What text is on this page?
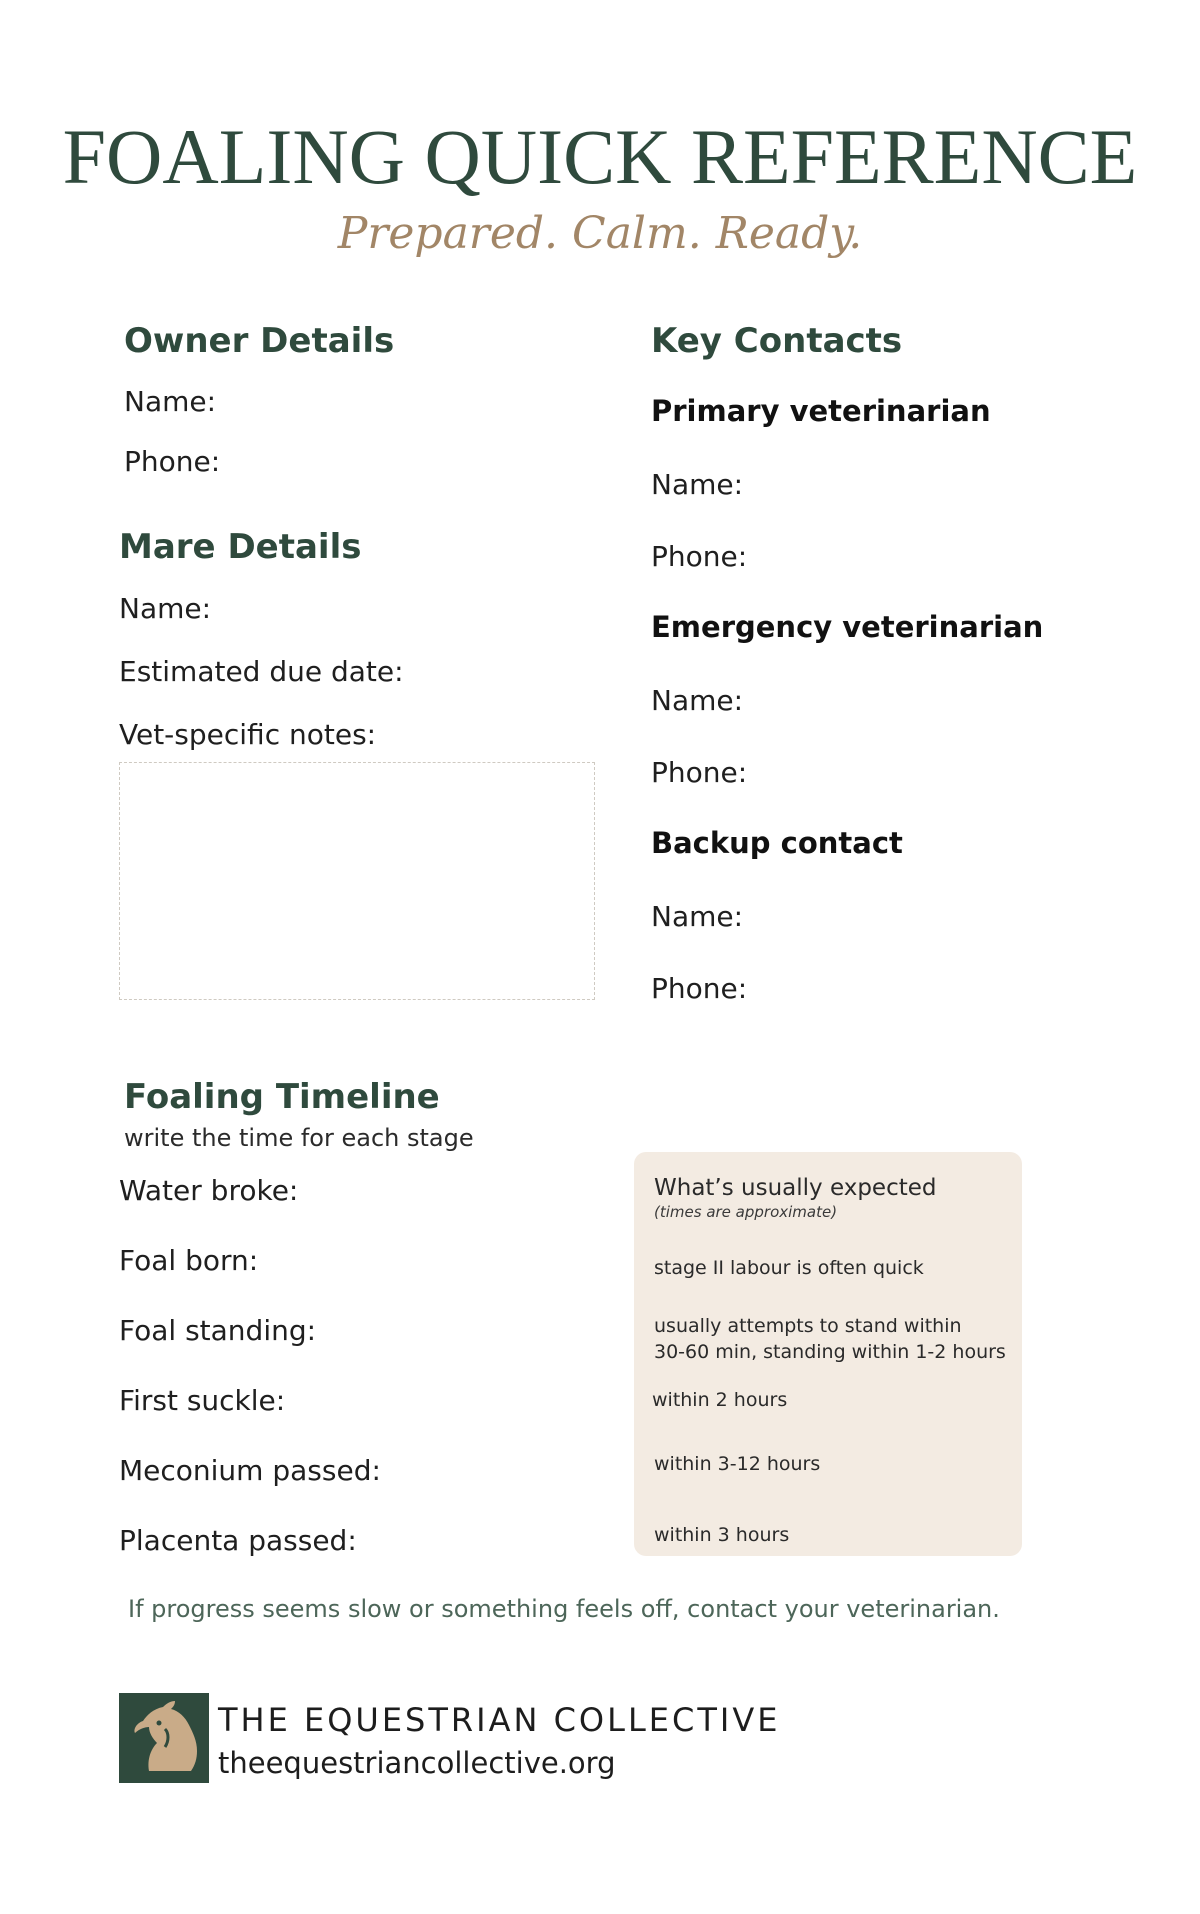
FOALING QUICK REFERENCE
Prepared. Calm. Ready.
Owner Details
Name:
Phone:
Mare Details
Name:
Estimated due date:
Vet-specific notes:
Key Contacts
Primary veterinarian
Name:
Phone:
Emergency veterinarian
Name:
Phone:
Backup contact
Name:
Phone:
Foaling Timeline
write the time for each stage
Water broke:
Foal born:
Foal standing:
First suckle:
Meconium passed:
Placenta passed:
What’s usually expected
(times are approximate)
stage II labour is often quick
usually attempts to stand within
30-60 min, standing within 1-2 hours
within 2 hours
within 3-12 hours
within 3 hours
If progress seems slow or something feels off, contact your veterinarian.
THE EQUESTRIAN COLLECTIVE
theequestriancollective.org
